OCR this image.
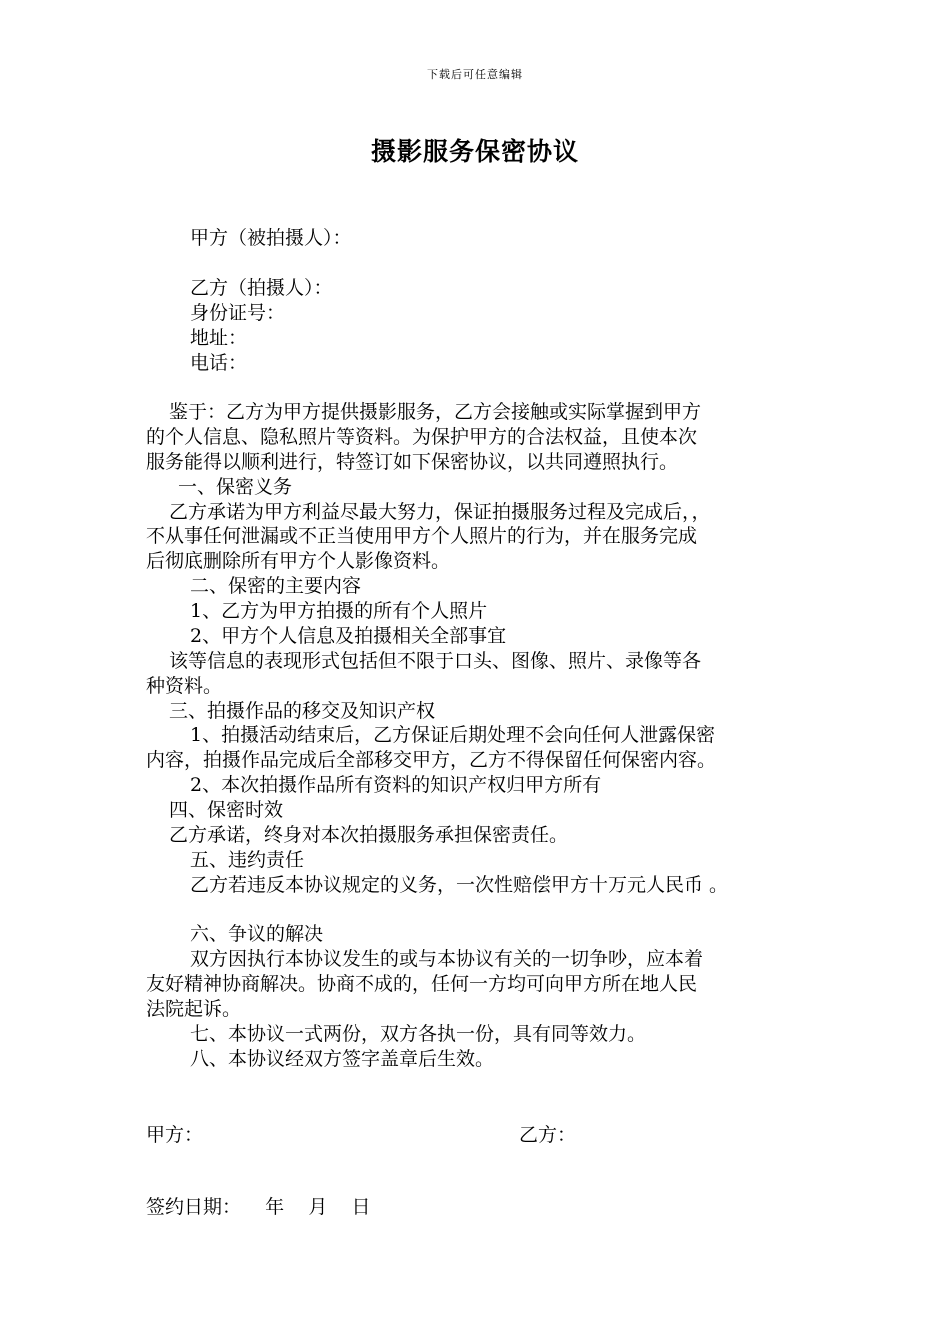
下载后可任意编辑
摄影服务保密协议
甲方（被拍摄人）：
乙方（拍摄人）：
身份证号：
地址：
电话：
鉴于：乙方为甲方提供摄影服务，乙方会接触或实际掌握到甲方
的个人信息、隐私照片等资料。为保护甲方的合法权益，且使本次
服务能得以顺利进行，特签订如下保密协议，以共同遵照执行。
一、保密义务
乙方承诺为甲方利益尽最大努力，保证拍摄服务过程及完成后，，
不从事任何泄漏或不正当使用甲方个人照片的行为，并在服务完成
后彻底删除所有甲方个人影像资料。
二、保密的主要内容
1、乙方为甲方拍摄的所有个人照片
2、甲方个人信息及拍摄相关全部事宜
该等信息的表现形式包括但不限于口头、图像、照片、录像等各
种资料。
三、拍摄作品的移交及知识产权
1、拍摄活动结束后，乙方保证后期处理不会向任何人泄露保密
内容，拍摄作品完成后全部移交甲方，乙方不得保留任何保密内容。
2、本次拍摄作品所有资料的知识产权归甲方所有
四、保密时效
乙方承诺，终身对本次拍摄服务承担保密责任。
五、违约责任
乙方若违反本协议规定的义务，一次性赔偿甲方十万元人民币 。
六、争议的解决
双方因执行本协议发生的或与本协议有关的一切争吵，应本着
友好精神协商解决。协商不成的，任何一方均可向甲方所在地人民
法院起诉。
七、本协议一式两份，双方各执一份，具有同等效力。
八、本协议经双方签字盖章后生效。
甲方：	乙方：
签约日期：    年    月    日
